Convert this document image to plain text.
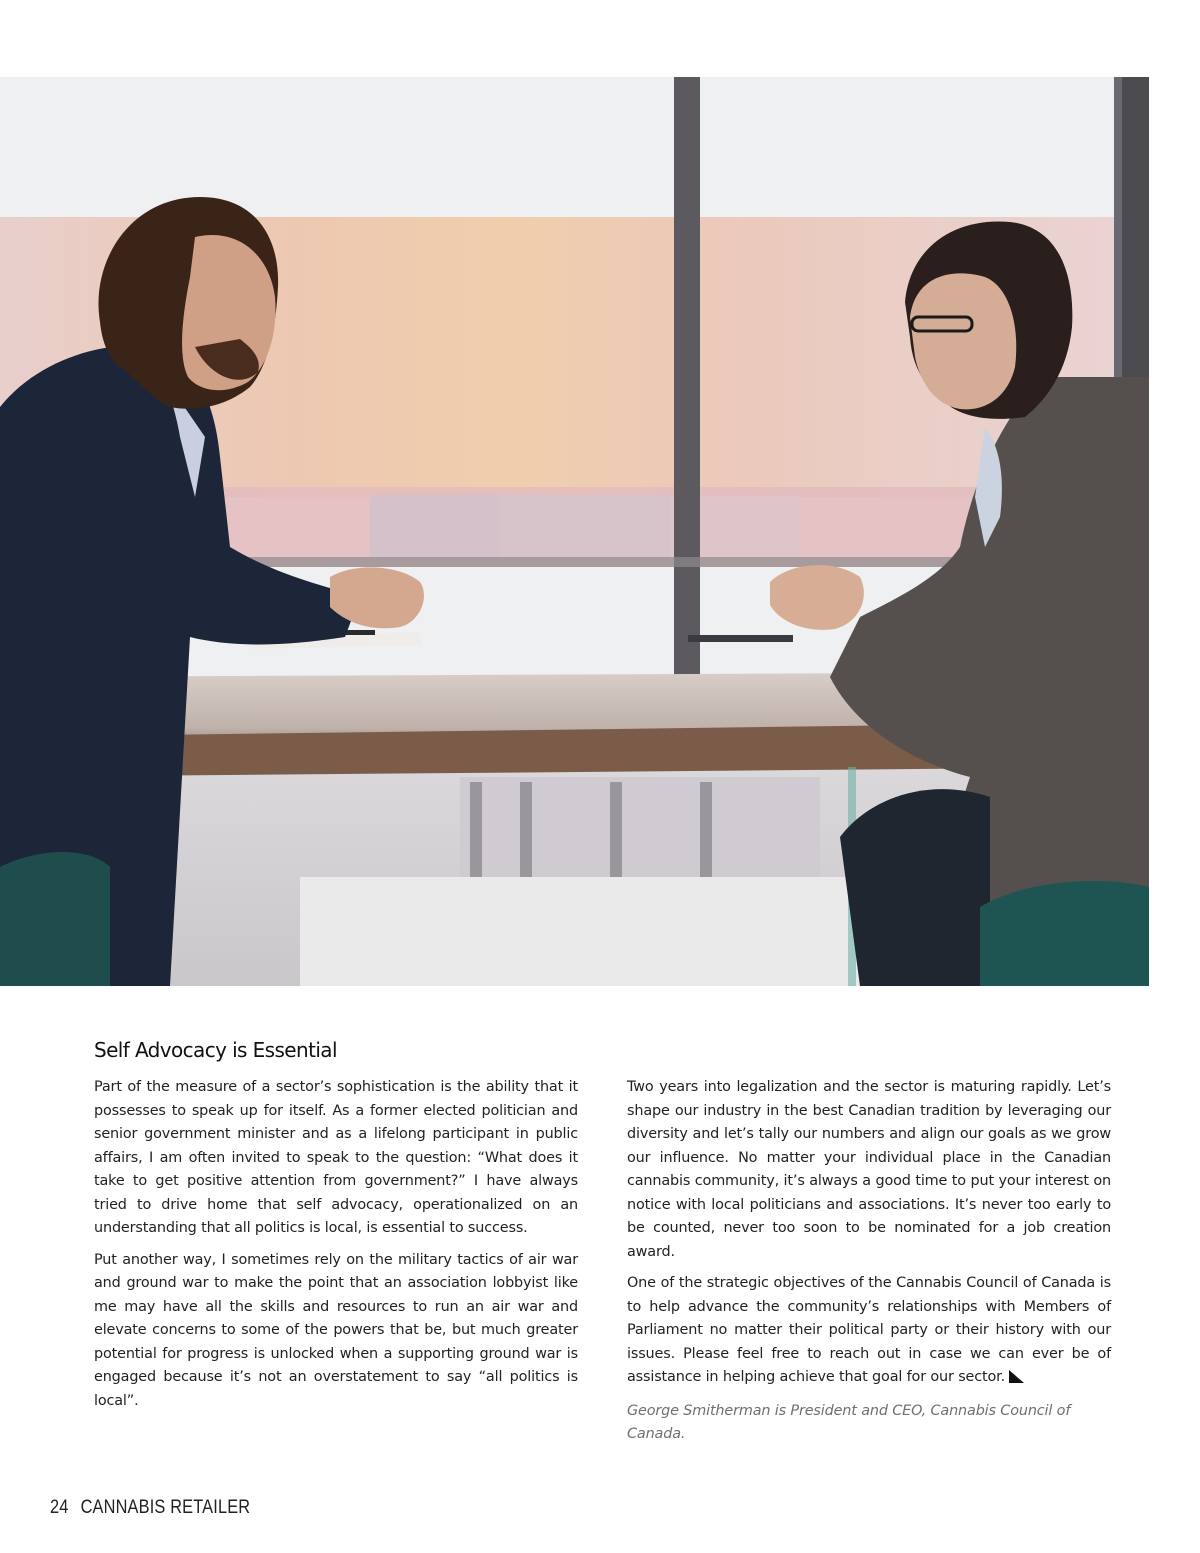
Self Advocacy is Essential

Part of the measure of a sector’s sophistication is the ability that it possesses to speak up for itself. As a former elected politician and senior government minister and as a lifelong participant in public affairs, I am often invited to speak to the question: “What does it take to get positive attention from government?” I have always tried to drive home that self advocacy, operationalized on an understanding that all politics is local, is essential to success.

Put another way, I sometimes rely on the military tactics of air war and ground war to make the point that an association lobbyist like me may have all the skills and resources to run an air war and elevate concerns to some of the powers that be, but much greater potential for progress is unlocked when a supporting ground war is engaged because it’s not an overstatement to say “all politics is local”.

Two years into legalization and the sector is maturing rapidly. Let’s shape our industry in the best Canadian tradition by leveraging our diversity and let’s tally our numbers and align our goals as we grow our influence. No matter your individual place in the Canadian cannabis community, it’s always a good time to put your interest on notice with local politicians and associations. It’s never too early to be counted, never too soon to be nominated for a job creation award.

One of the strategic objectives of the Cannabis Council of Canada is to help advance the community’s relationships with Members of Parliament no matter their political party or their history with our issues. Please feel free to reach out in case we can ever be of assistance in helping achieve that goal for our sector.

George Smitherman is President and CEO, Cannabis Council of Canada.

24 CANNABIS RETAILER
